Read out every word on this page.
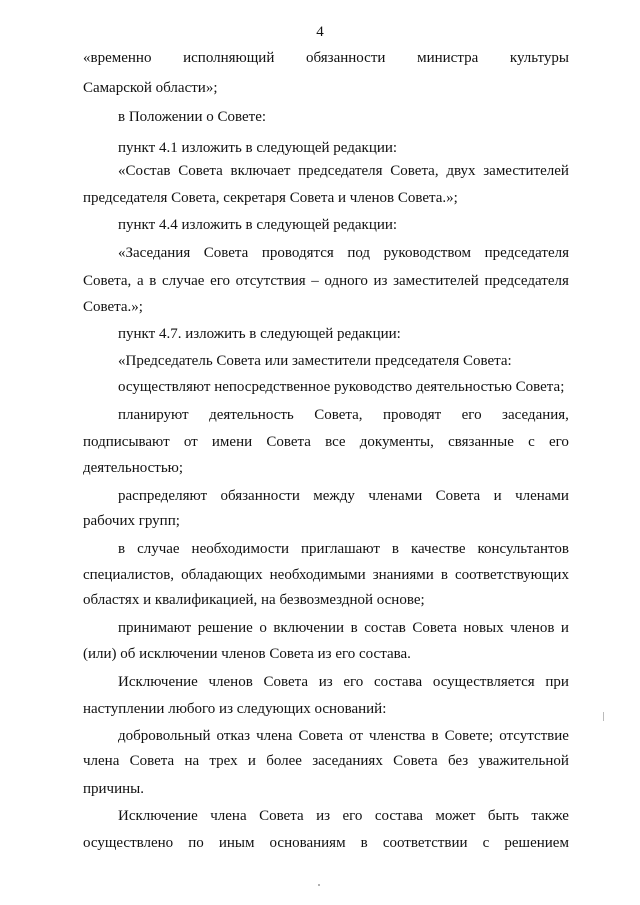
4
«временно исполняющий обязанности министра культуры
Самарской области»;
в Положении о Совете:
пункт 4.1 изложить в следующей редакции:
«Состав Совета включает председателя Совета, двух заместителей
председателя Совета, секретаря Совета и членов Совета.»;
пункт 4.4 изложить в следующей редакции:
«Заседания Совета проводятся под руководством председателя
Совета, а в случае его отсутствия – одного из заместителей председателя
Совета.»;
пункт 4.7. изложить в следующей редакции:
«Председатель Совета или заместители председателя Совета:
осуществляют непосредственное руководство деятельностью Совета;
планируют деятельность Совета, проводят его заседания,
подписывают от имени Совета все документы, связанные с его
деятельностью;
распределяют обязанности между членами Совета и членами
рабочих групп;
в случае необходимости приглашают в качестве консультантов
специалистов, обладающих необходимыми знаниями в соответствующих
областях и квалификацией, на безвозмездной основе;
принимают решение о включении в состав Совета новых членов и
(или) об исключении членов Совета из его состава.
Исключение членов Совета из его состава осуществляется при
наступлении любого из следующих оснований:
добровольный отказ члена Совета от членства в Совете; отсутствие
члена Совета на трех и более заседаниях Совета без уважительной
причины.
Исключение члена Совета из его состава может быть также
осуществлено по иным основаниям в соответствии с решением
